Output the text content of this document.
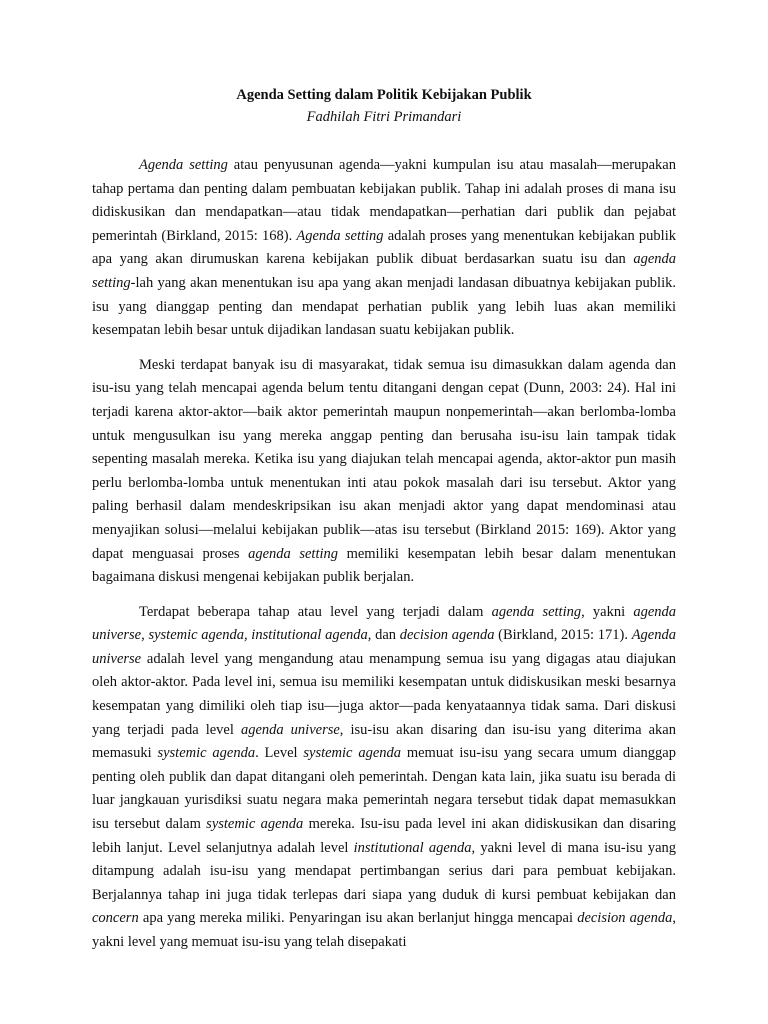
Agenda Setting dalam Politik Kebijakan Publik

Fadhilah Fitri Primandari

Agenda setting atau penyusunan agenda—yakni kumpulan isu atau masalah—merupakan tahap pertama dan penting dalam pembuatan kebijakan publik. Tahap ini adalah proses di mana isu didiskusikan dan mendapatkan—atau tidak mendapatkan—perhatian dari publik dan pejabat pemerintah (Birkland, 2015: 168). Agenda setting adalah proses yang menentukan kebijakan publik apa yang akan dirumuskan karena kebijakan publik dibuat berdasarkan suatu isu dan agenda setting-lah yang akan menentukan isu apa yang akan menjadi landasan dibuatnya kebijakan publik. isu yang dianggap penting dan mendapat perhatian publik yang lebih luas akan memiliki kesempatan lebih besar untuk dijadikan landasan suatu kebijakan publik.

Meski terdapat banyak isu di masyarakat, tidak semua isu dimasukkan dalam agenda dan isu-isu yang telah mencapai agenda belum tentu ditangani dengan cepat (Dunn, 2003: 24). Hal ini terjadi karena aktor-aktor—baik aktor pemerintah maupun nonpemerintah—akan berlomba-lomba untuk mengusulkan isu yang mereka anggap penting dan berusaha isu-isu lain tampak tidak sepenting masalah mereka. Ketika isu yang diajukan telah mencapai agenda, aktor-aktor pun masih perlu berlomba-lomba untuk menentukan inti atau pokok masalah dari isu tersebut. Aktor yang paling berhasil dalam mendeskripsikan isu akan menjadi aktor yang dapat mendominasi atau menyajikan solusi—melalui kebijakan publik—atas isu tersebut (Birkland 2015: 169). Aktor yang dapat menguasai proses agenda setting memiliki kesempatan lebih besar dalam menentukan bagaimana diskusi mengenai kebijakan publik berjalan.

Terdapat beberapa tahap atau level yang terjadi dalam agenda setting, yakni agenda universe, systemic agenda, institutional agenda, dan decision agenda (Birkland, 2015: 171). Agenda universe adalah level yang mengandung atau menampung semua isu yang digagas atau diajukan oleh aktor-aktor. Pada level ini, semua isu memiliki kesempatan untuk didiskusikan meski besarnya kesempatan yang dimiliki oleh tiap isu—juga aktor—pada kenyataannya tidak sama. Dari diskusi yang terjadi pada level agenda universe, isu-isu akan disaring dan isu-isu yang diterima akan memasuki systemic agenda. Level systemic agenda memuat isu-isu yang secara umum dianggap penting oleh publik dan dapat ditangani oleh pemerintah. Dengan kata lain, jika suatu isu berada di luar jangkauan yurisdiksi suatu negara maka pemerintah negara tersebut tidak dapat memasukkan isu tersebut dalam systemic agenda mereka. Isu-isu pada level ini akan didiskusikan dan disaring lebih lanjut. Level selanjutnya adalah level institutional agenda, yakni level di mana isu-isu yang ditampung adalah isu-isu yang mendapat pertimbangan serius dari para pembuat kebijakan. Berjalannya tahap ini juga tidak terlepas dari siapa yang duduk di kursi pembuat kebijakan dan concern apa yang mereka miliki. Penyaringan isu akan berlanjut hingga mencapai decision agenda, yakni level yang memuat isu-isu yang telah disepakati
